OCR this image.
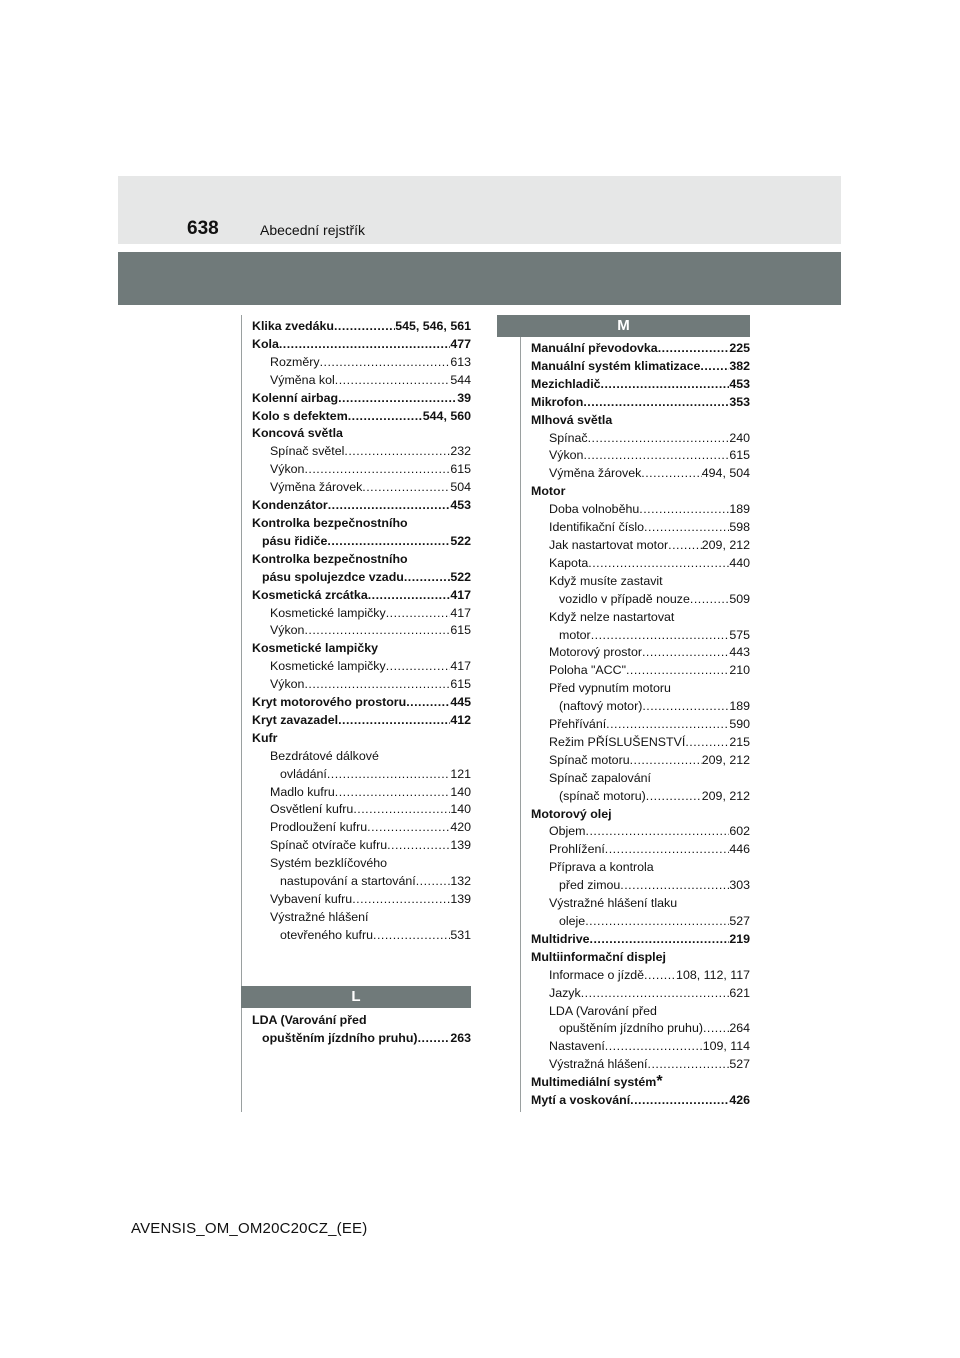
638	Abecední rejstřík
Klika zvedáku .....	545, 546, 561
Kola .....	477
Rozměry .....	613
Výměna kol .....	544
Kolenní airbag .....	39
Kolo s defektem .....	544, 560
Koncová světla
Spínač světel .....	232
Výkon .....	615
Výměna žárovek .....	504
Kondenzátor .....	453
Kontrolka bezpečnostního
pásu řidiče .....	522
Kontrolka bezpečnostního
pásu spolujezdce vzadu .....	522
Kosmetická zrcátka .....	417
Kosmetické lampičky .....	417
Výkon .....	615
Kosmetické lampičky
Kosmetické lampičky .....	417
Výkon .....	615
Kryt motorového prostoru .....	445
Kryt zavazadel .....	412
Kufr
Bezdrátové dálkové
ovládání .....	121
Madlo kufru .....	140
Osvětlení kufru .....	140
Prodloužení kufru .....	420
Spínač otvírače kufru .....	139
Systém bezklíčového
nastupování a startování .....	132
Vybavení kufru .....	139
Výstražné hlášení
otevřeného kufru .....	531
L
LDA (Varování před
opuštěním jízdního pruhu) .....	263
M
Manuální převodovka .....	225
Manuální systém klimatizace ..... 382
Mezichladič .....	453
Mikrofon .....	353
Mlhová světla
Spínač .....	240
Výkon .....	615
Výměna žárovek .....	494, 504
Motor
Doba volnoběhu .....	189
Identifikační číslo .....	598
Jak nastartovat motor .....	209, 212
Kapota .....	440
Když musíte zastavit
vozidlo v případě nouze .....	509
Když nelze nastartovat
motor .....	575
Motorový prostor .....	443
Poloha "ACC" .....	210
Před vypnutím motoru
(naftový motor) .....	189
Přehřívání .....	590
Režim PŘÍSLUŠENSTVÍ .....	215
Spínač motoru .....	209, 212
Spínač zapalování
(spínač motoru) .....	209, 212
Motorový olej
Objem .....	602
Prohlížení .....	446
Příprava a kontrola
před zimou .....	303
Výstražné hlášení tlaku
oleje .....	527
Multidrive .....	219
Multiinformační displej
Informace o jízdě .....	108, 112, 117
Jazyk .....	621
LDA (Varování před
opuštěním jízdního pruhu) ..... 264
Nastavení .....	109, 114
Výstražná hlášení .....	527
Multimediální systém *
Mytí a voskování .....	426
AVENSIS_OM_OM20C20CZ_(EE)
